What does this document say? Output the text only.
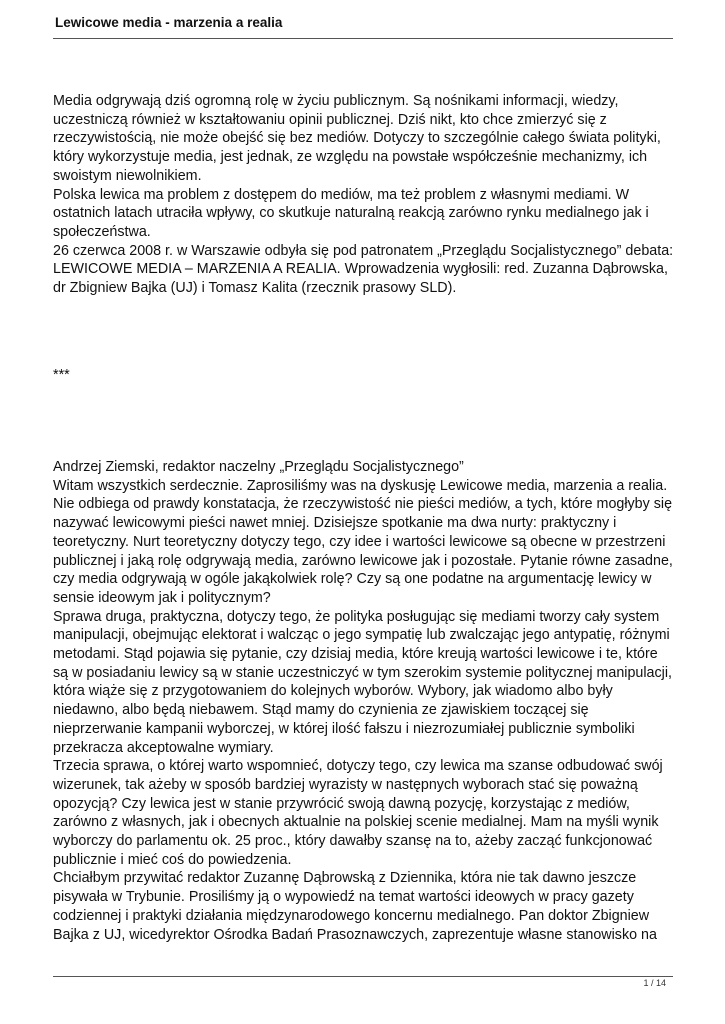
Lewicowe media - marzenia a realia

Media odgrywają dziś ogromną rolę w życiu publicznym. Są nośnikami informacji, wiedzy, uczestniczą również w kształtowaniu opinii publicznej. Dziś nikt, kto chce zmierzyć się z rzeczywistością, nie może obejść się bez mediów. Dotyczy to szczególnie całego świata polityki, który wykorzystuje media, jest jednak, ze względu na powstałe współcześnie mechanizmy, ich swoistym niewolnikiem.

Polska lewica ma problem z dostępem do mediów, ma też problem z własnymi mediami. W ostatnich latach utraciła wpływy, co skutkuje naturalną reakcją zarówno rynku medialnego jak i społeczeństwa.

26 czerwca 2008 r. w Warszawie odbyła się pod patronatem „Przeglądu Socjalistycznego” debata: LEWICOWE MEDIA – MARZENIA A REALIA. Wprowadzenia wygłosili: red. Zuzanna Dąbrowska, dr Zbigniew Bajka (UJ) i Tomasz Kalita (rzecznik prasowy SLD).

***

Andrzej Ziemski, redaktor naczelny „Przeglądu Socjalistycznego”

Witam wszystkich serdecznie. Zaprosiliśmy was na dyskusję Lewicowe media, marzenia a realia. Nie odbiega od prawdy konstatacja, że rzeczywistość nie pieści mediów, a tych, które mogłyby się nazywać lewicowymi pieści nawet mniej. Dzisiejsze spotkanie ma dwa nurty: praktyczny i teoretyczny. Nurt teoretyczny dotyczy tego, czy idee i wartości lewicowe są obecne w przestrzeni publicznej i jaką rolę odgrywają media, zarówno lewicowe jak i pozostałe. Pytanie równe zasadne, czy media odgrywają w ogóle jakąkolwiek rolę? Czy są one podatne na argumentację lewicy w sensie ideowym jak i politycznym?

Sprawa druga, praktyczna, dotyczy tego, że polityka posługując się mediami tworzy cały system manipulacji, obejmując elektorat i walcząc o jego sympatię lub zwalczając jego antypatię, różnymi metodami. Stąd pojawia się pytanie, czy dzisiaj media, które kreują wartości lewicowe i te, które są w posiadaniu lewicy są w stanie uczestniczyć w tym szerokim systemie politycznej manipulacji, która wiąże się z przygotowaniem do kolejnych wyborów. Wybory, jak wiadomo albo były niedawno, albo będą niebawem. Stąd mamy do czynienia ze zjawiskiem toczącej się nieprzerwanie kampanii wyborczej, w której ilość fałszu i niezrozumiałej publicznie symboliki przekracza akceptowalne wymiary.

Trzecia sprawa, o której warto wspomnieć, dotyczy tego, czy lewica ma szanse odbudować swój wizerunek, tak ażeby w sposób bardziej wyrazisty w następnych wyborach stać się poważną opozycją? Czy lewica jest w stanie przywrócić swoją dawną pozycję, korzystając z mediów, zarówno z własnych, jak i obecnych aktualnie na polskiej scenie medialnej. Mam na myśli wynik wyborczy do parlamentu ok. 25 proc., który dawałby szansę na to, ażeby zacząć funkcjonować publicznie i mieć coś do powiedzenia.

Chciałbym przywitać redaktor Zuzannę Dąbrowską z Dziennika, która nie tak dawno jeszcze pisywała w Trybunie. Prosiliśmy ją o wypowiedź na temat wartości ideowych w pracy gazety codziennej i praktyki działania międzynarodowego koncernu medialnego. Pan doktor Zbigniew Bajka z UJ, wicedyrektor Ośrodka Badań Prasoznawczych, zaprezentuje własne stanowisko na

1 / 14
